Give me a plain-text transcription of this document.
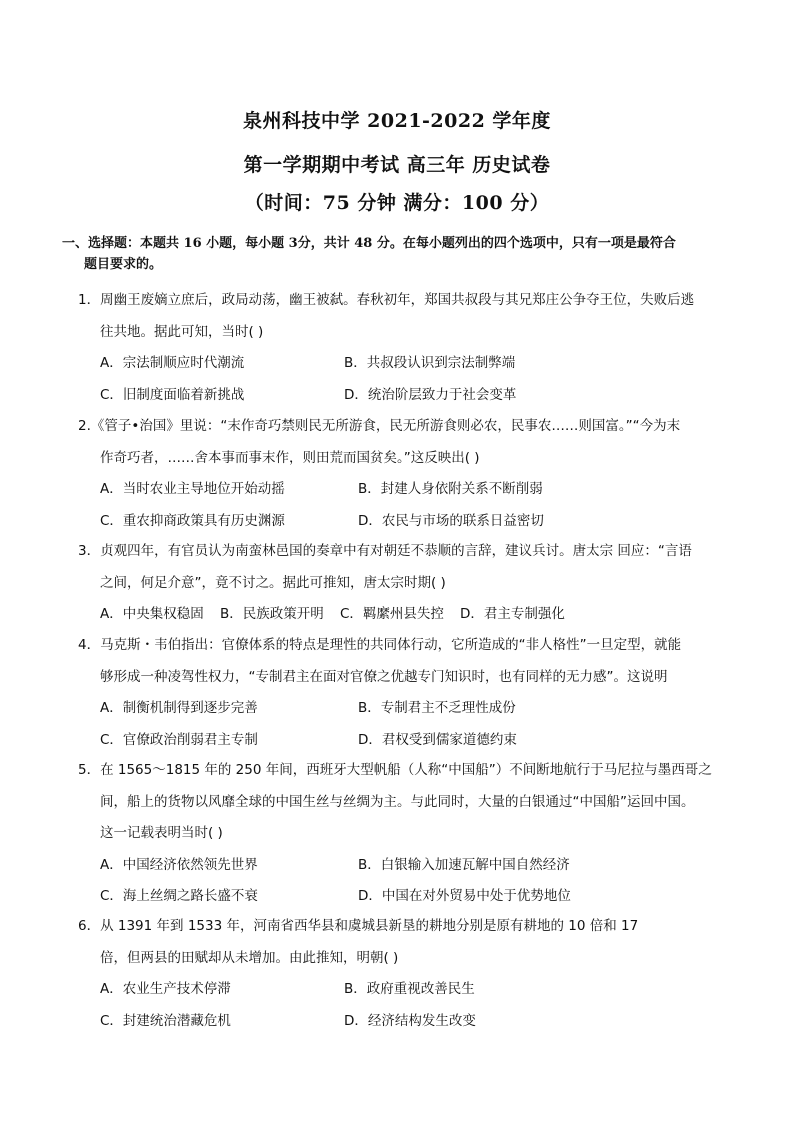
泉州科技中学 2021-2022 学年度
第一学期期中考试 高三年 历史试卷
（时间：75 分钟 满分：100 分）
一、选择题：本题共 16 小题，每小题 3分，共计 48 分。在每小题列出的四个选项中，只有一项是最符合
题目要求的。
1．周幽王废嫡立庶后，政局动荡，幽王被弑。春秋初年，郑国共叔段与其兄郑庄公争夺王位，失败后逃
往共地。据此可知，当时( )
A．宗法制顺应时代潮流	B．共叔段认识到宗法制弊端
C．旧制度面临着新挑战	D．统治阶层致力于社会变革
2.《管子•治国》里说：“末作奇巧禁则民无所游食，民无所游食则必农，民事农……则国富。”“今为末
作奇巧者，……舍本事而事末作，则田荒而国贫矣。”这反映出( )
A．当时农业主导地位开始动摇	B．封建人身依附关系不断削弱
C．重农抑商政策具有历史渊源	D．农民与市场的联系日益密切
3．贞观四年，有官员认为南蛮林邑国的奏章中有对朝廷不恭顺的言辞，建议兵讨。唐太宗 回应：“言语
之间，何足介意”，竟不讨之。据此可推知，唐太宗时期( )
A．中央集权稳固 B．民族政策开明 C．羁縻州县失控 D．君主专制强化
4．马克斯・韦伯指出：官僚体系的特点是理性的共同体行动，它所造成的“非人格性”一旦定型，就能
够形成一种凌驾性权力，“专制君主在面对官僚之优越专门知识时，也有同样的无力感”。这说明
A．制衡机制得到逐步完善	B．专制君主不乏理性成份
C．官僚政治削弱君主专制	D．君权受到儒家道德约束
5．在 1565～1815 年的 250 年间，西班牙大型帆船（人称“中国船”）不间断地航行于马尼拉与墨西哥之
间，船上的货物以风靡全球的中国生丝与丝绸为主。与此同时，大量的白银通过“中国船”运回中国。
这一记载表明当时( )
A．中国经济依然领先世界	B．白银输入加速瓦解中国自然经济
C．海上丝绸之路长盛不衰	D．中国在对外贸易中处于优势地位
6．从 1391 年到 1533 年，河南省西华县和虞城县新垦的耕地分别是原有耕地的 10 倍和 17
倍，但两县的田赋却从未增加。由此推知，明朝( )
A．农业生产技术停滞	B．政府重视改善民生
C．封建统治潜藏危机	D．经济结构发生改变
